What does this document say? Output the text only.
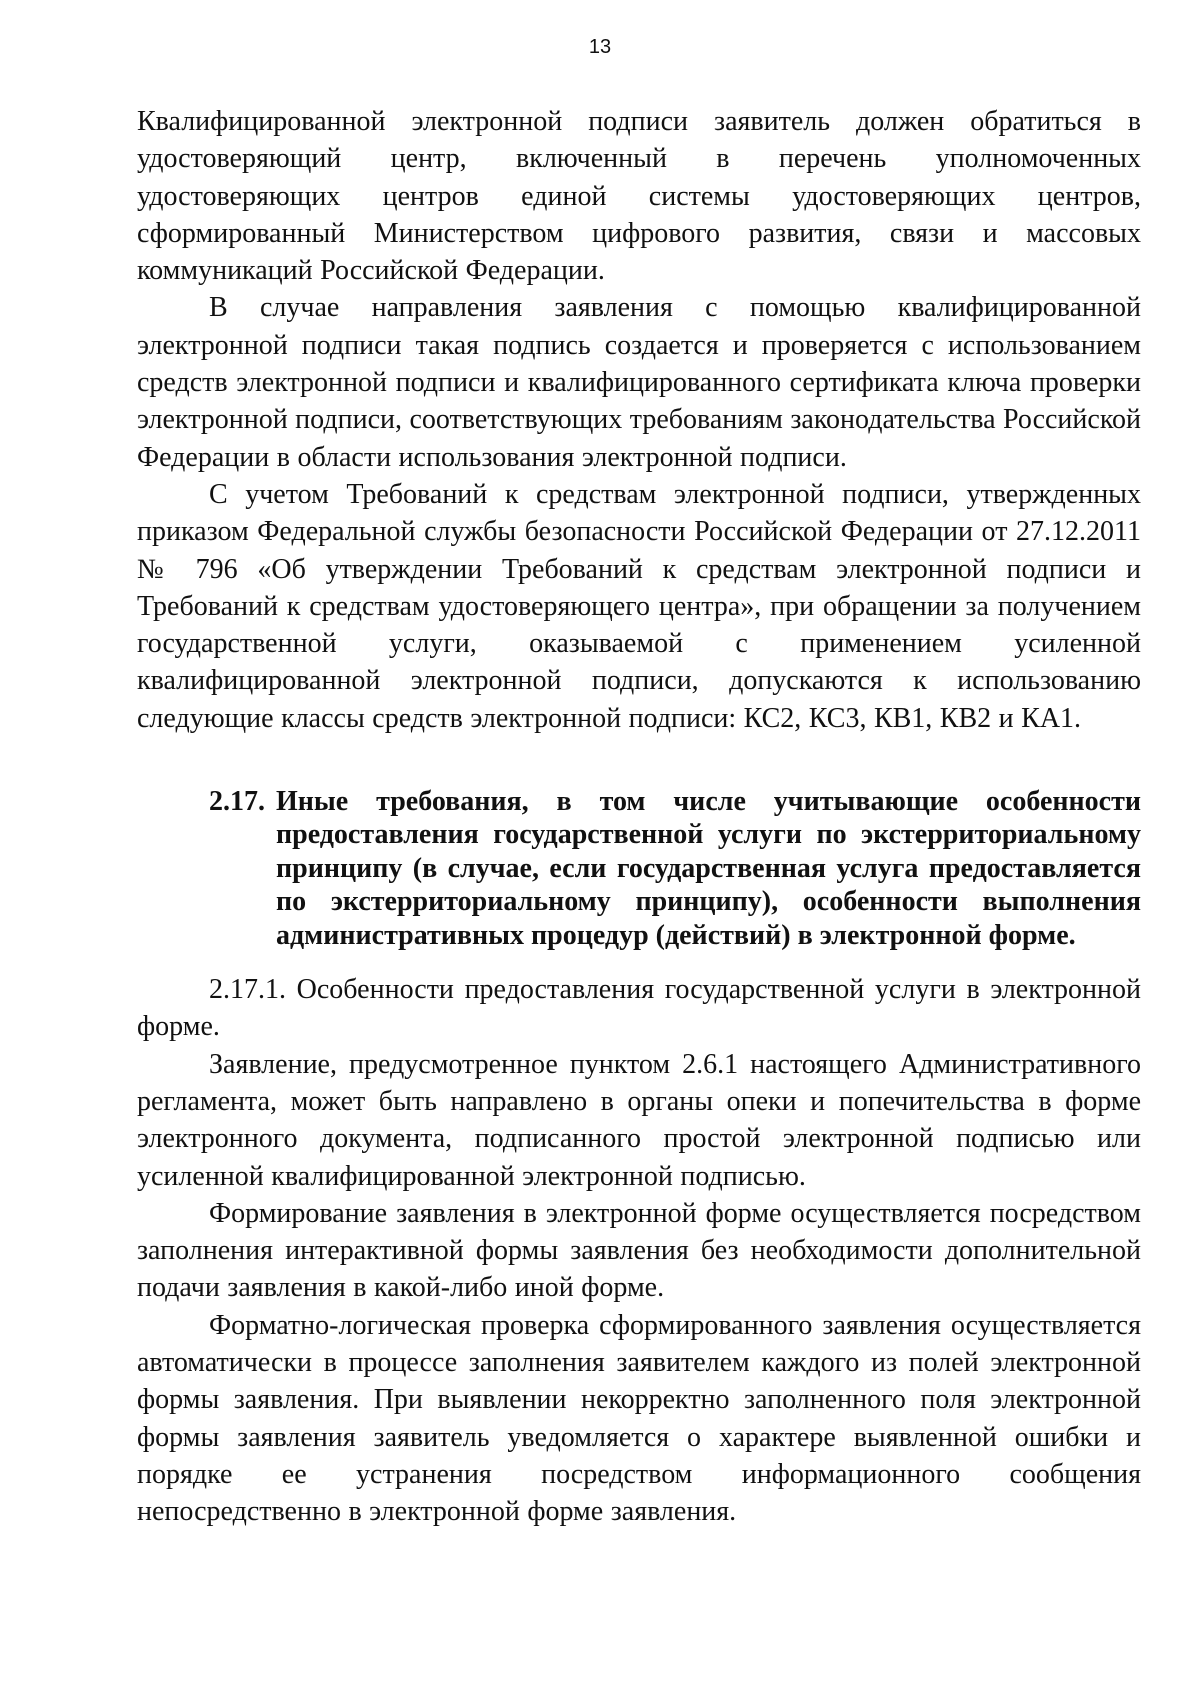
13

Квалифицированной электронной подписи заявитель должен обратиться в удостоверяющий центр, включенный в перечень уполномоченных удостоверяющих центров единой системы удостоверяющих центров, сформированный Министерством цифрового развития, связи и массовых коммуникаций Российской Федерации.

В случае направления заявления с помощью квалифицированной электронной подписи такая подпись создается и проверяется с использованием средств электронной подписи и квалифицированного сертификата ключа проверки электронной подписи, соответствующих требованиям законодательства Российской Федерации в области использования электронной подписи.

С учетом Требований к средствам электронной подписи, утвержденных приказом Федеральной службы безопасности Российской Федерации от 27.12.2011 № 796 «Об утверждении Требований к средствам электронной подписи и Требований к средствам удостоверяющего центра», при обращении за получением государственной услуги, оказываемой с применением усиленной квалифицированной электронной подписи, допускаются к использованию следующие классы средств электронной подписи: КС2, КС3, КВ1, КВ2 и КА1.

2.17. Иные требования, в том числе учитывающие особенности предоставления государственной услуги по экстерриториальному принципу (в случае, если государственная услуга предоставляется по экстерриториальному принципу), особенности выполнения административных процедур (действий) в электронной форме.

2.17.1. Особенности предоставления государственной услуги в электронной форме.

Заявление, предусмотренное пунктом 2.6.1 настоящего Административного регламента, может быть направлено в органы опеки и попечительства в форме электронного документа, подписанного простой электронной подписью или усиленной квалифицированной электронной подписью.

Формирование заявления в электронной форме осуществляется посредством заполнения интерактивной формы заявления без необходимости дополнительной подачи заявления в какой-либо иной форме.

Форматно-логическая проверка сформированного заявления осуществляется автоматически в процессе заполнения заявителем каждого из полей электронной формы заявления. При выявлении некорректно заполненного поля электронной формы заявления заявитель уведомляется о характере выявленной ошибки и порядке ее устранения посредством информационного сообщения непосредственно в электронной форме заявления.
